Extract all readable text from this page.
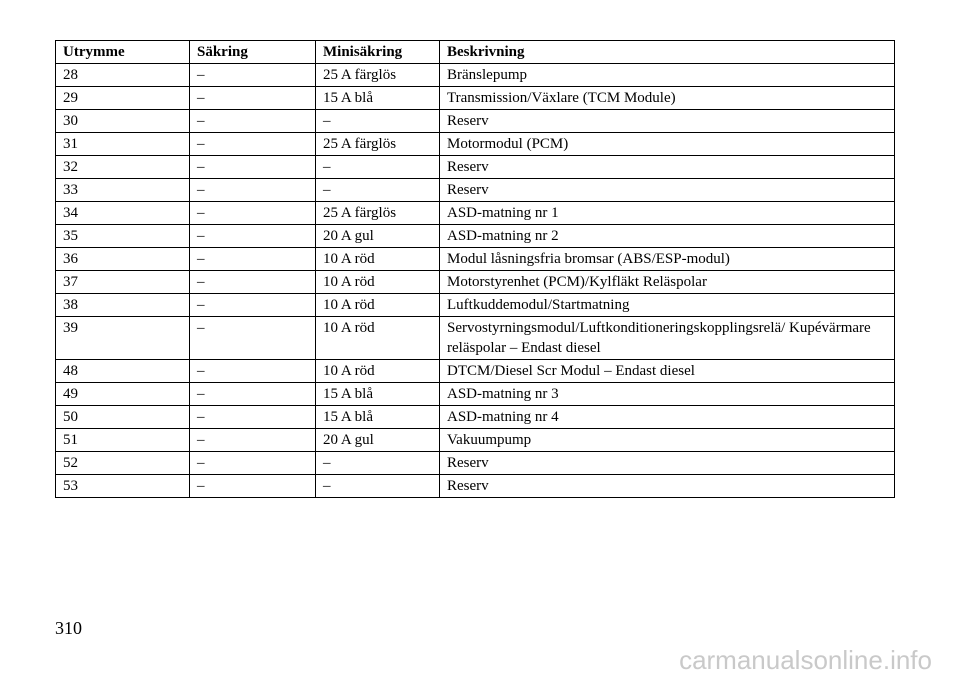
Utrymme	Säkring	Minisäkring	Beskrivning
28	–	25 A färglös	Bränslepump
29	–	15 A blå	Transmission/Växlare (TCM Module)
30	–	–	Reserv
31	–	25 A färglös	Motormodul (PCM)
32	–	–	Reserv
33	–	–	Reserv
34	–	25 A färglös	ASD-matning nr 1
35	–	20 A gul	ASD-matning nr 2
36	–	10 A röd	Modul låsningsfria bromsar (ABS/ESP-modul)
37	–	10 A röd	Motorstyrenhet (PCM)/Kylfläkt Reläspolar
38	–	10 A röd	Luftkuddemodul/Startmatning
39	–	10 A röd	Servostyrningsmodul/Luftkonditioneringskopplingsrelä/ Kupévärmare reläspolar – Endast diesel
48	–	10 A röd	DTCM/Diesel Scr Modul – Endast diesel
49	–	15 A blå	ASD-matning nr 3
50	–	15 A blå	ASD-matning nr 4
51	–	20 A gul	Vakuumpump
52	–	–	Reserv
53	–	–	Reserv
310
carmanualsonline.info
